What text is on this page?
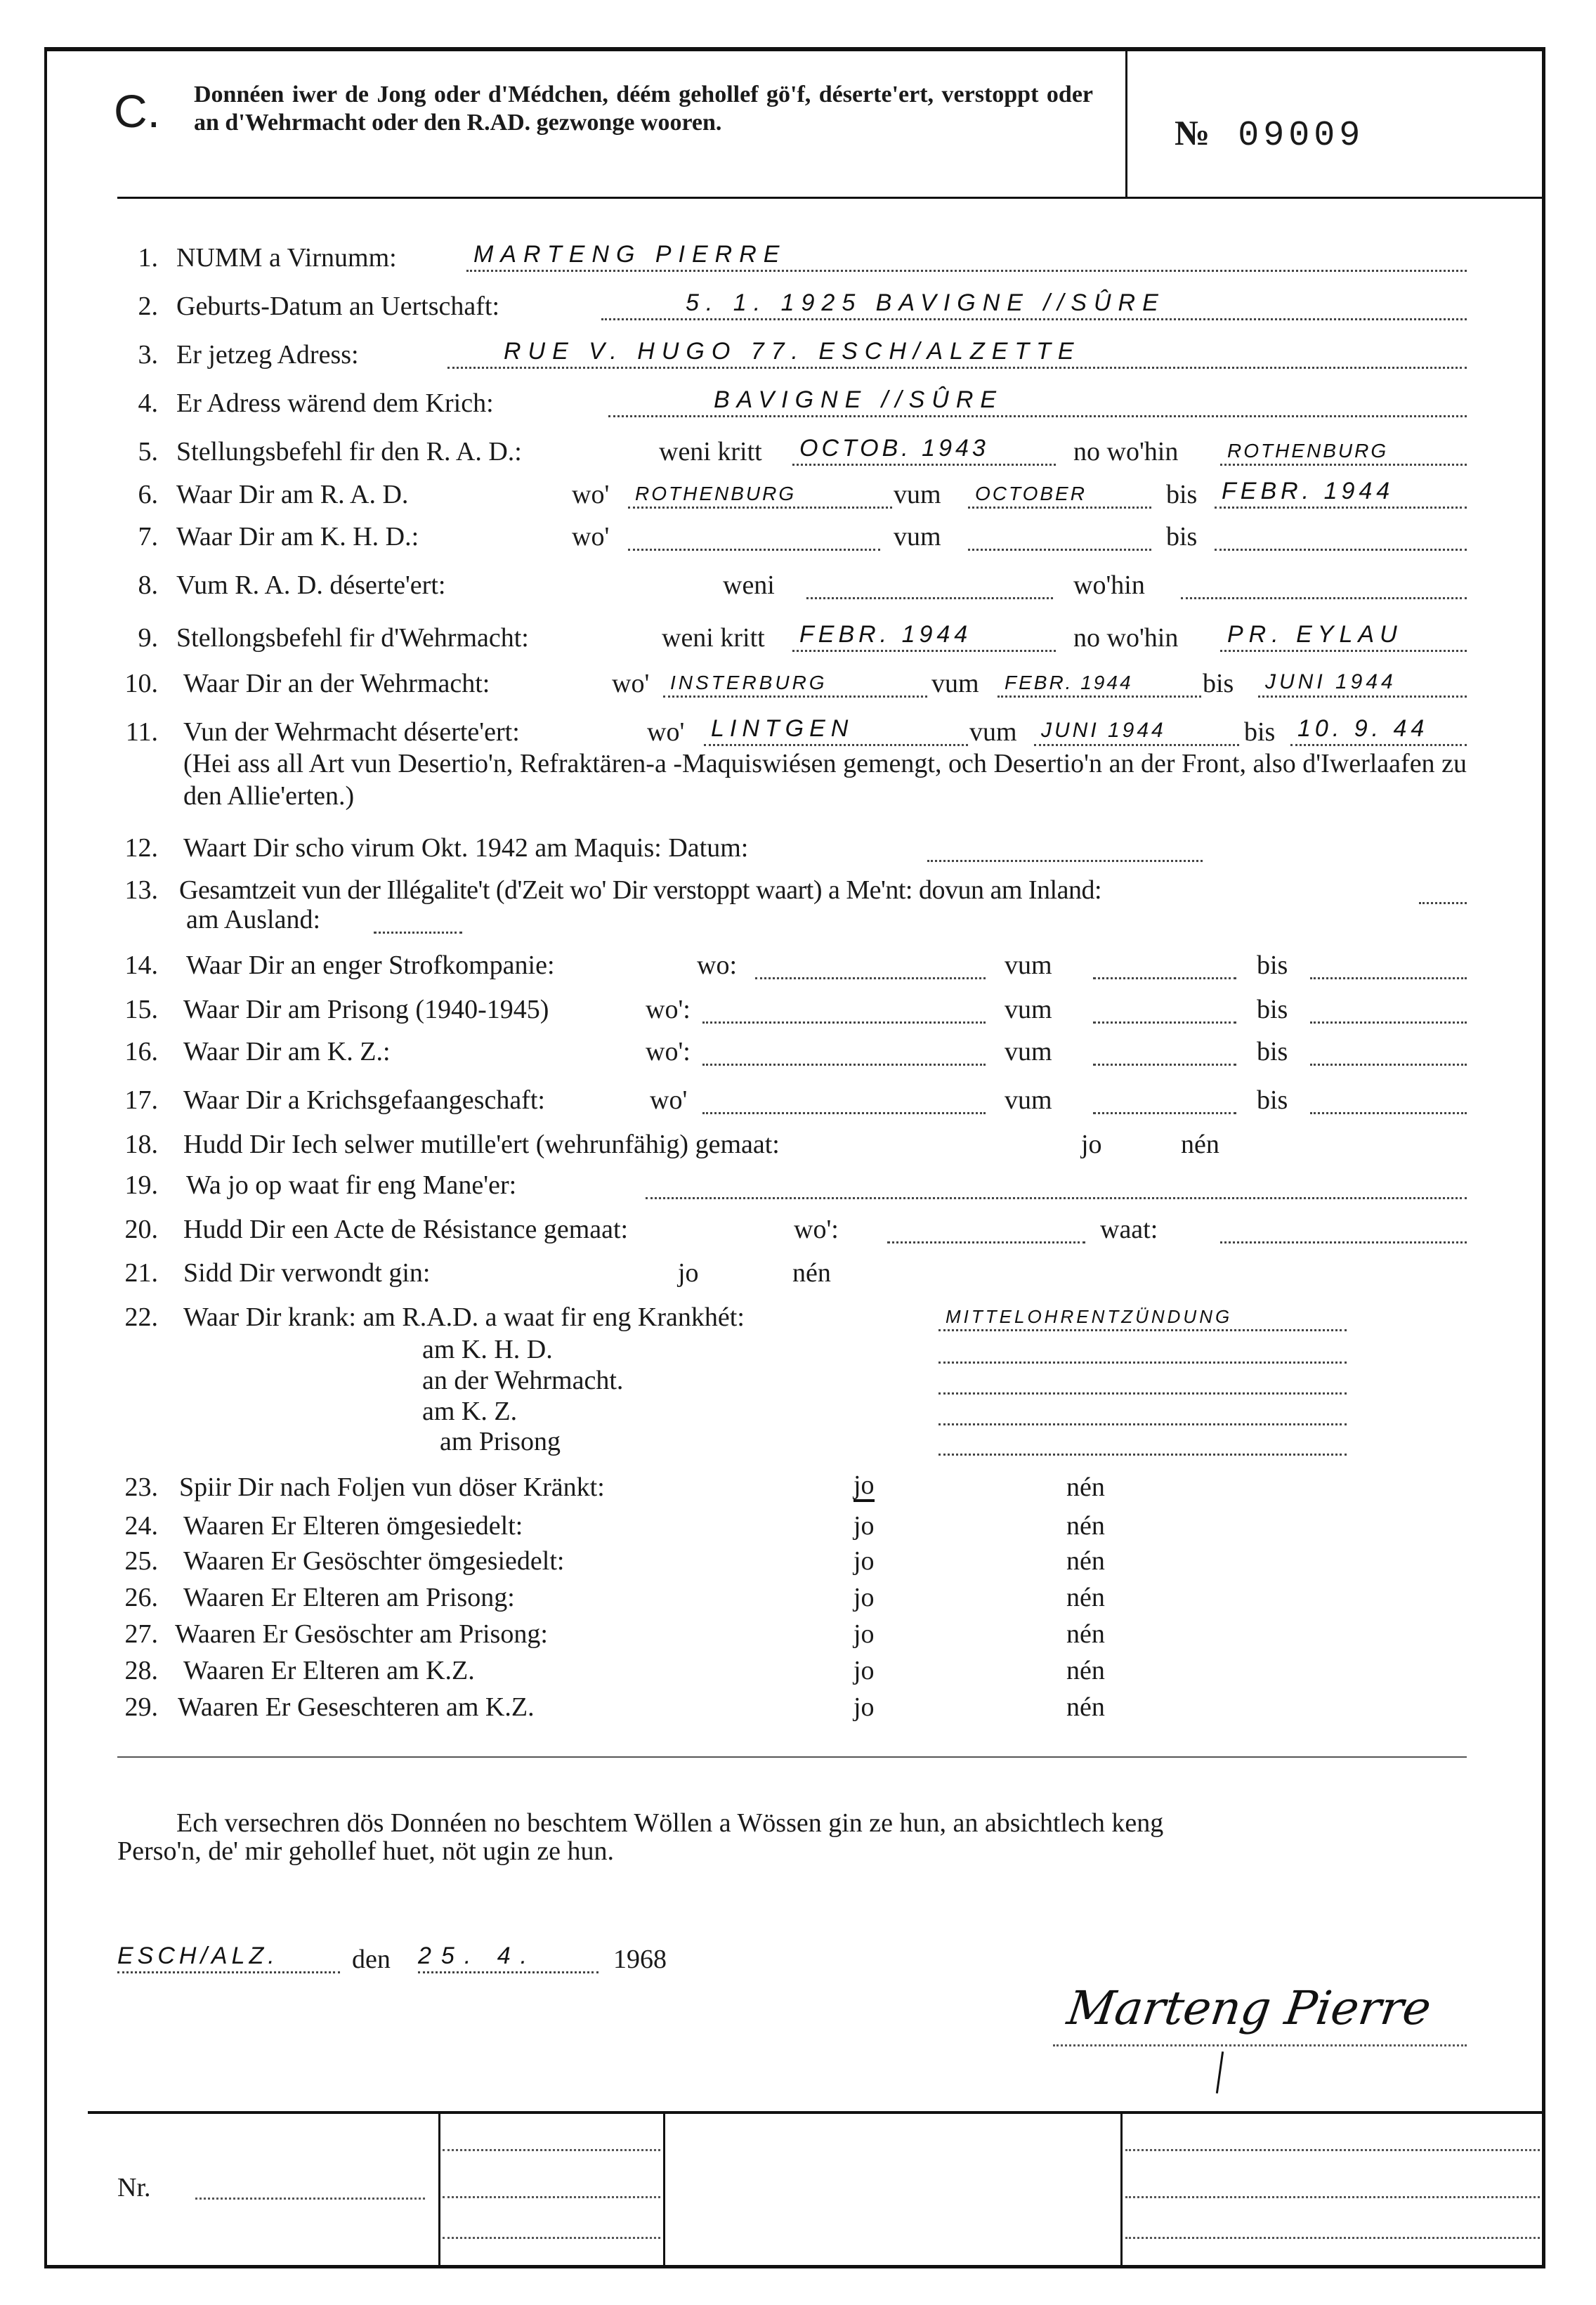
C. Donnéen iwer de Jong oder d'Médchen, déém gehollef gö'f, déserte'ert, verstoppt oder an d'Wehrmacht oder den R.AD. gezwonge wooren.	№ 09009
1. NUMM a Virnumm:	MARTENG PIERRE
2. Geburts-Datum an Uertschaft:	5. 1. 1925 BAVIGNE //SÛRE
3. Er jetzeg Adress:	RUE V. HUGO 77. ESCH/ALZETTE
4. Er Adress wärend dem Krich:	BAVIGNE //SÛRE
5. Stellungsbefehl fir den R. A. D.:	weni kritt OCTOB. 1943	no wo'hin ROTHENBURG
6. Waar Dir am R. A. D.	wo' ROTHENBURG	vum OCTOBER	bis FEBR. 1944
7. Waar Dir am K. H. D.:	wo'	vum	bis
8. Vum R. A. D. déserte'ert:	weni	wo'hin
9. Stellongsbefehl fir d'Wehrmacht:	weni kritt FEBR. 1944	no wo'hin PR. EYLAU
10. Waar Dir an der Wehrmacht:	wo' INSTERBURG	vum FEBR. 1944	bis JUNI 1944
11. Vun der Wehrmacht déserte'ert:	wo' LINTGEN	vum JUNI 1944	bis 10. 9. 44
(Hei ass all Art vun Desertio'n, Refraktären-a -Maquiswiésen gemengt, och Desertio'n an der Front, also d'Iwerlaafen zu den Allie'erten.)
12. Waart Dir scho virum Okt. 1942 am Maquis: Datum:
13. Gesamtzeit vun der Illégalite't (d'Zeit wo' Dir verstoppt waart) a Me'nt: dovun am Inland:
am Ausland:
14. Waar Dir an enger Strofkompanie:	wo:	vum	bis
15. Waar Dir am Prisong (1940-1945)	wo':	vum	bis
16. Waar Dir am K. Z.:	wo':	vum	bis
17. Waar Dir a Krichsgefaangeschaft:	wo'	vum	bis
18. Hudd Dir Iech selwer mutille'ert (wehrunfähig) gemaat:	jo	nén
19. Wa jo op waat fir eng Mane'er:
20. Hudd Dir een Acte de Résistance gemaat:	wo':	waat:
21. Sidd Dir verwondt gin:	jo	nén
22. Waar Dir krank: am R.A.D. a waat fir eng Krankhét:	MITTELOHRENTZÜNDUNG
am K. H. D.
an der Wehrmacht.
am K. Z.
am Prisong
23. Spiir Dir nach Foljen vun döser Kränkt:	jo	nén
24. Waaren Er Elteren ömgesiedelt:	jo	nén
25. Waaren Er Gesöschter ömgesiedelt:	jo	nén
26. Waaren Er Elteren am Prisong:	jo	nén
27. Waaren Er Gesöschter am Prisong:	jo	nén
28. Waaren Er Elteren am K.Z.	jo	nén
29. Waaren Er Geseschteren am K.Z.	jo	nén
Ech versechren dös Donnéen no beschtem Wöllen a Wössen gin ze hun, an absichtlech keng
Perso'n, de' mir gehollef huet, nöt ugin ze hun.
ESCH/ALZ.	den 25. 4.	1968
Marteng Pierre
Nr.
